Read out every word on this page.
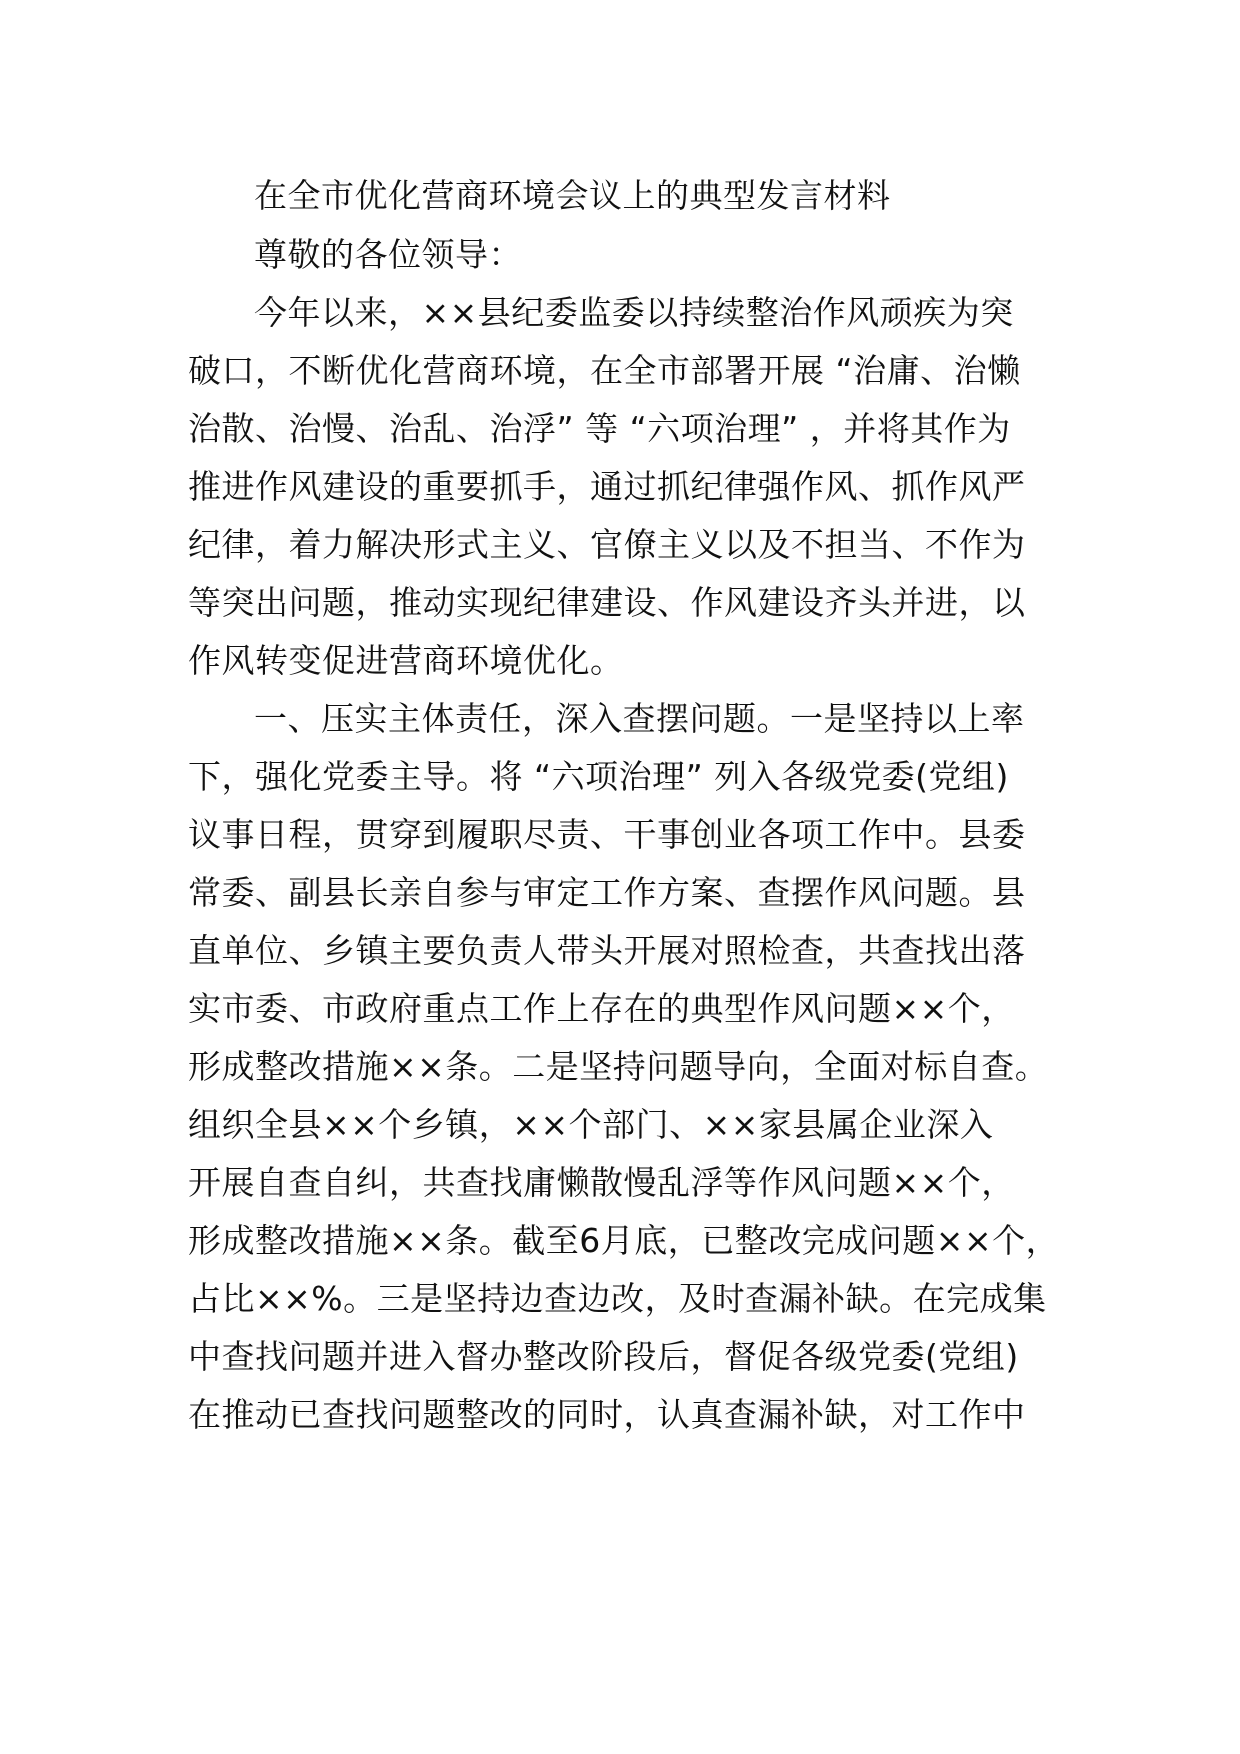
在全市优化营商环境会议上的典型发言材料
尊敬的各位领导：
今年以来，××县纪委监委以持续整治作风顽疾为突
破口，不断优化营商环境，在全市部署开展 “治庸、治懒
治散、治慢、治乱、治浮” 等 “六项治理” ，并将其作为
推进作风建设的重要抓手，通过抓纪律强作风、抓作风严
纪律，着力解决形式主义、官僚主义以及不担当、不作为
等突出问题，推动实现纪律建设、作风建设齐头并进，以
作风转变促进营商环境优化。
一、压实主体责任，深入查摆问题。一是坚持以上率
下，强化党委主导。将 “六项治理” 列入各级党委(党组)
议事日程，贯穿到履职尽责、干事创业各项工作中。县委
常委、副县长亲自参与审定工作方案、查摆作风问题。县
直单位、乡镇主要负责人带头开展对照检查，共查找出落
实市委、市政府重点工作上存在的典型作风问题××个，
形成整改措施××条。二是坚持问题导向，全面对标自查。
组织全县××个乡镇，××个部门、××家县属企业深入
开展自查自纠，共查找庸懒散慢乱浮等作风问题××个，
形成整改措施××条。截至6月底，已整改完成问题××个，
占比××%。三是坚持边查边改，及时查漏补缺。在完成集
中查找问题并进入督办整改阶段后，督促各级党委(党组)
在推动已查找问题整改的同时，认真查漏补缺，对工作中
